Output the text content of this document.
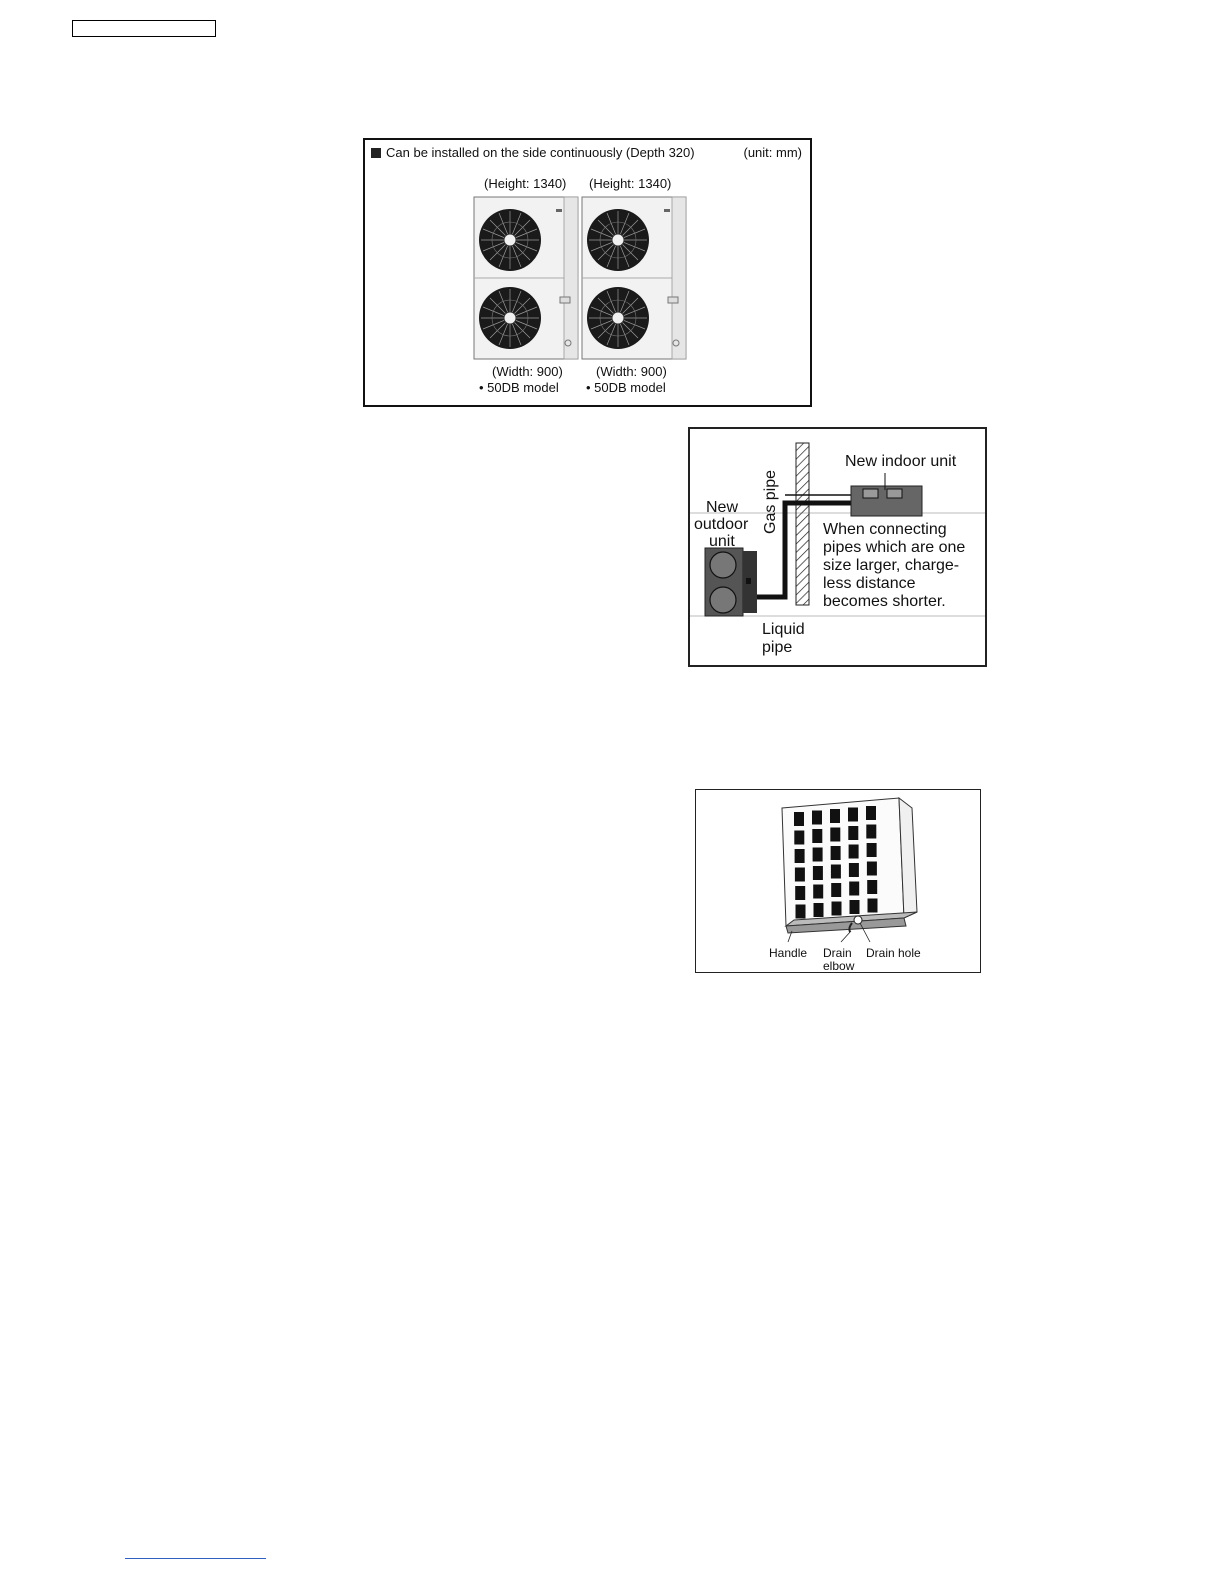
Can be installed on the side continuously (Depth 320)	(unit: mm)
(Height: 1340) (Height: 1340)
(Width: 900)	(Width: 900)
• 50DB model • 50DB model
Gas pipe
New indoor unit
New
outdoor
unit
Liquid
pipe
When connecting
pipes which are one
size larger, charge-
less distance
becomes shorter.
Handle Drain
elbow
Drain hole
